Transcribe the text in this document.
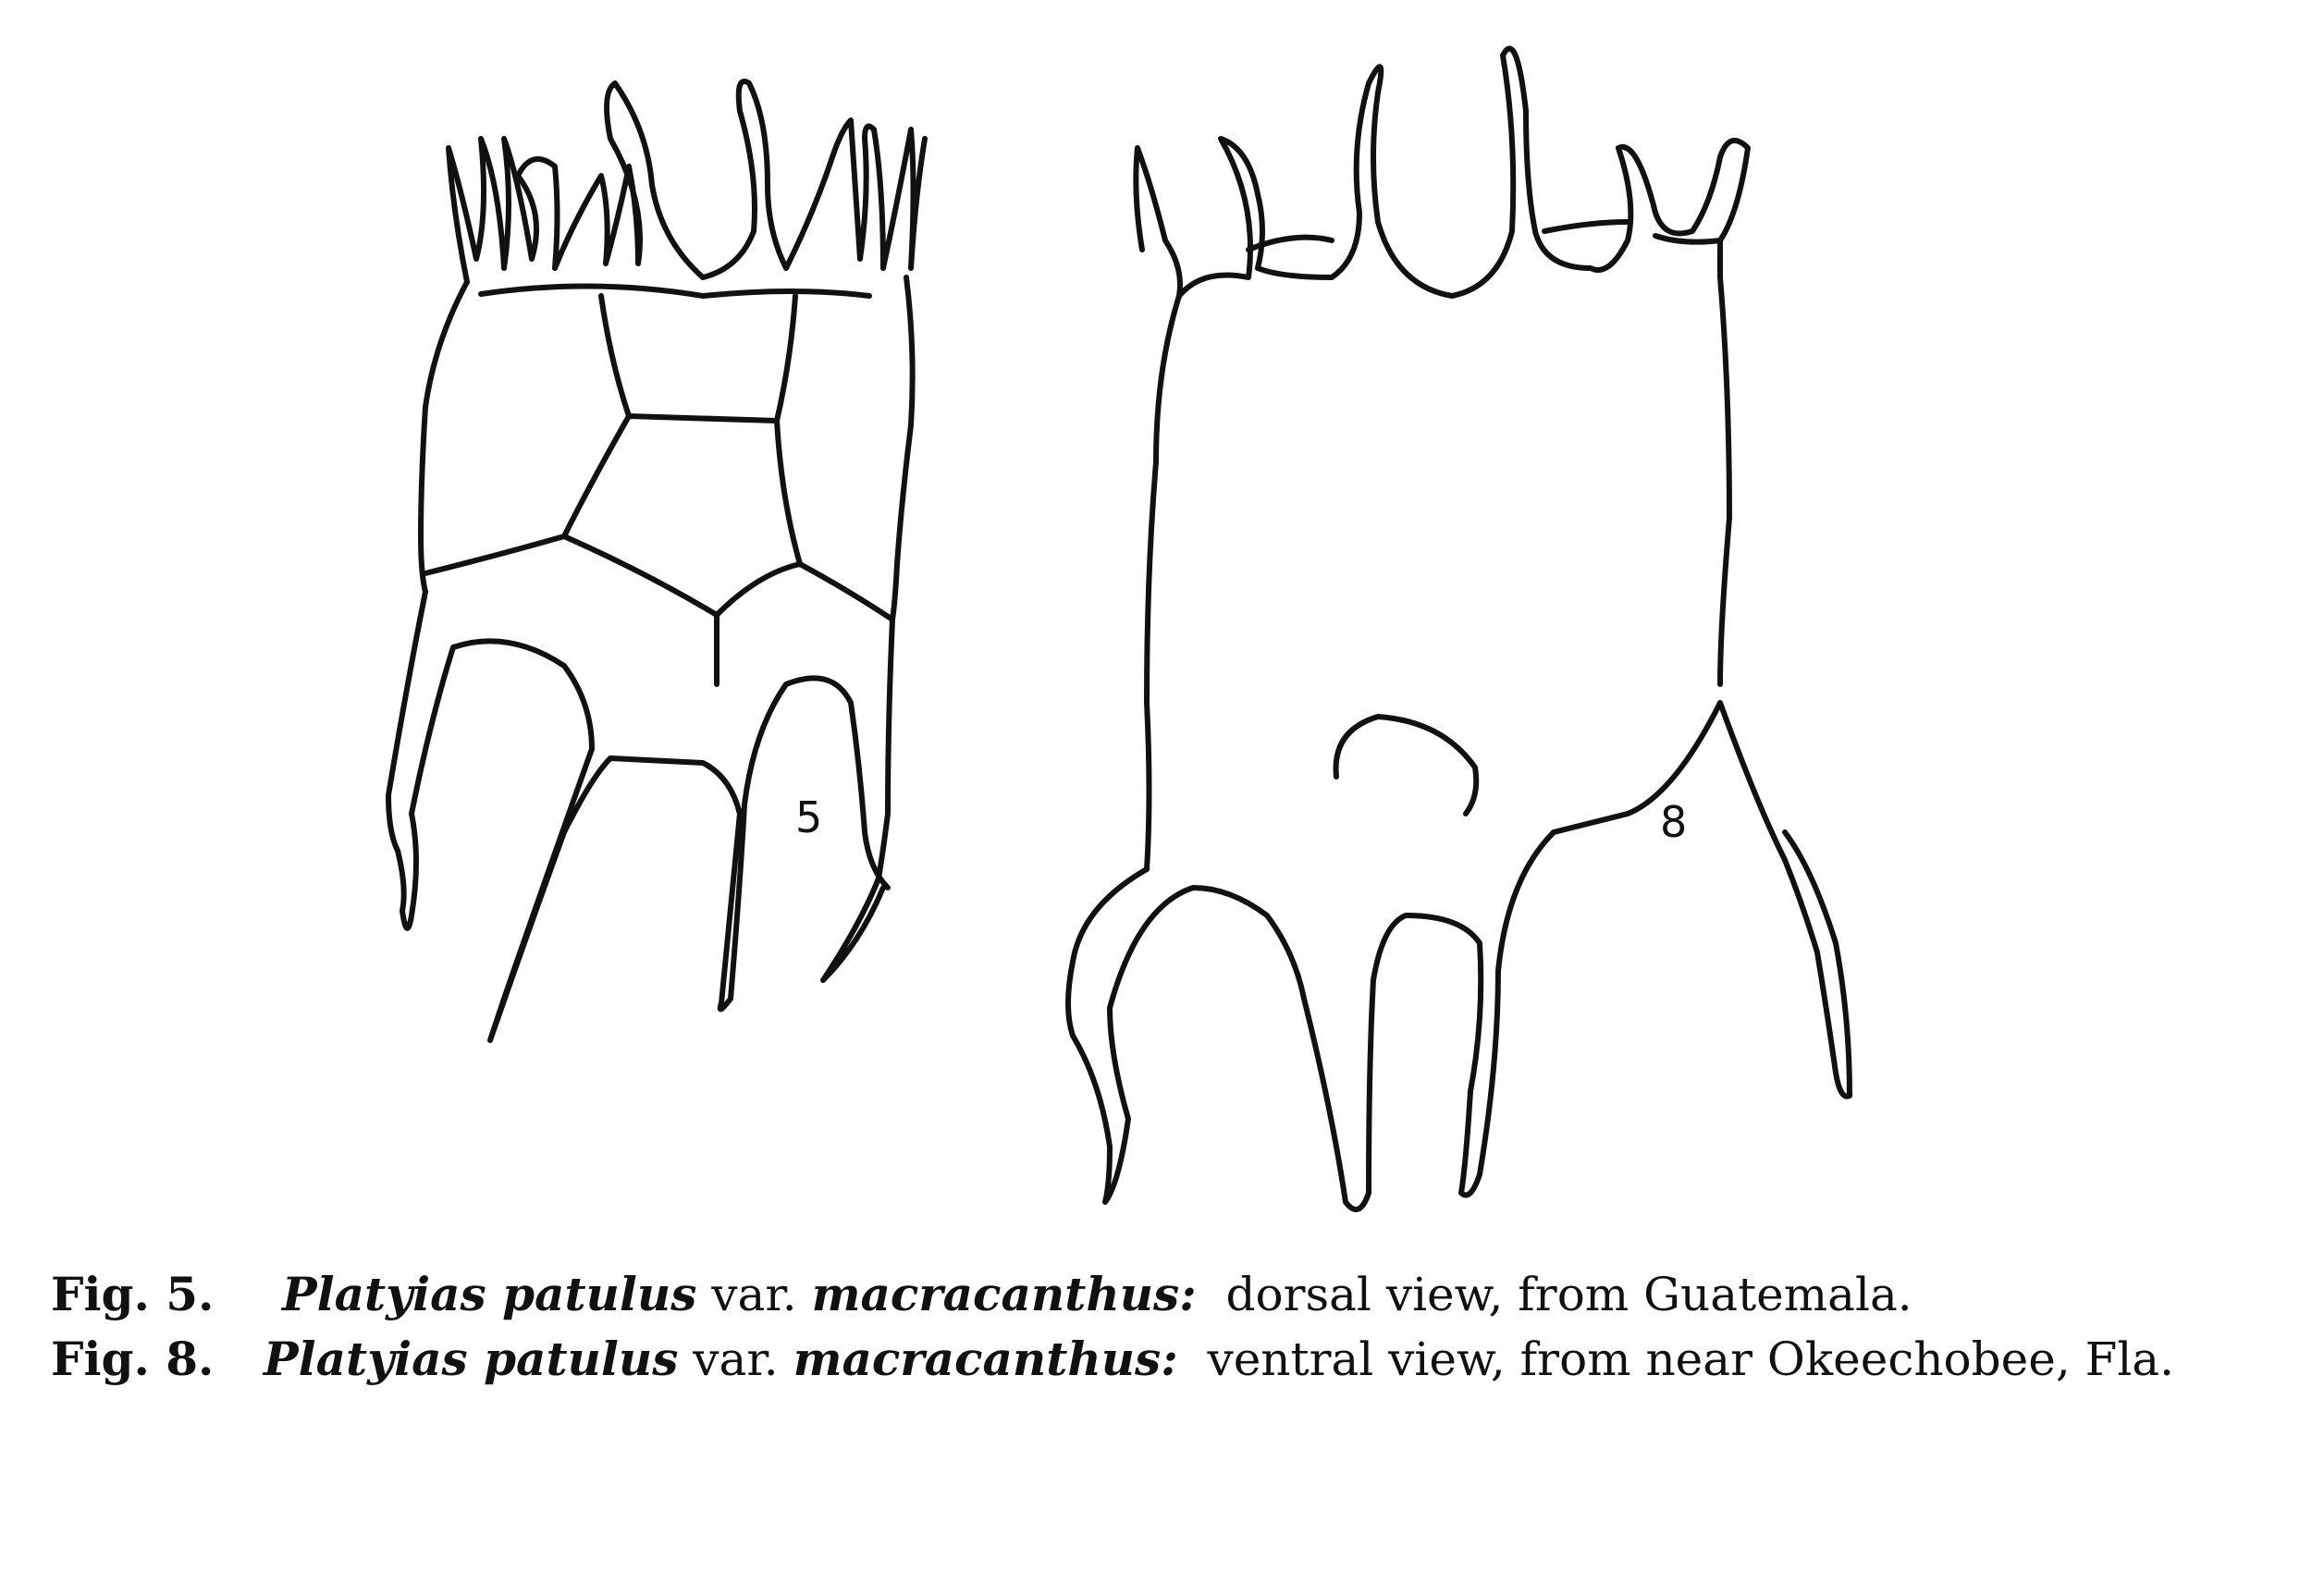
5	8
Fig. 5. Platyias patulus var. macracanthus: dorsal view, from Guatemala.
Fig. 8. Platyias patulus var. macracanthus: ventral view, from near Okeechobee, Fla.
